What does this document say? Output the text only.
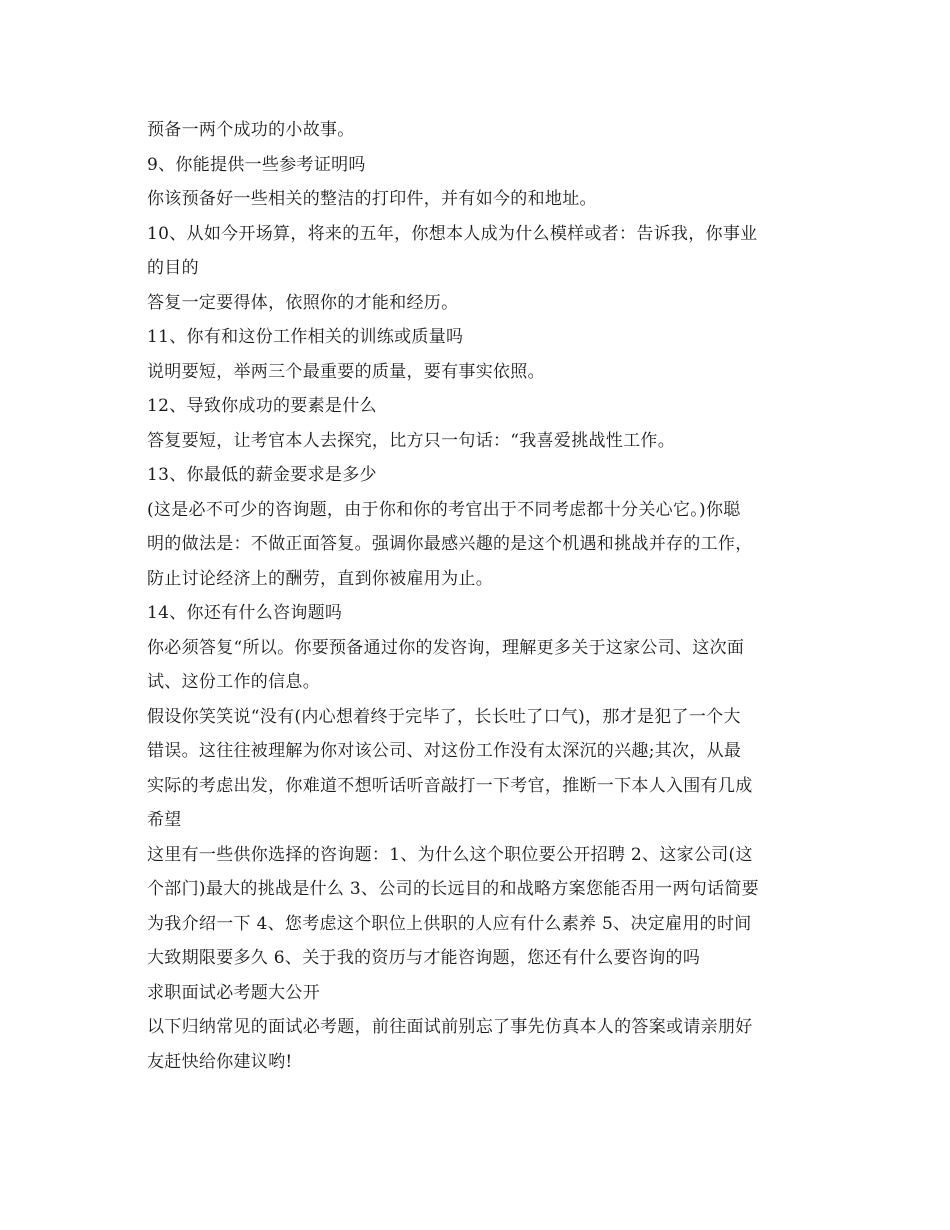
预备一两个成功的小故事。

9、你能提供一些参考证明吗

你该预备好一些相关的整洁的打印件，并有如今的和地址。

10、从如今开场算，将来的五年，你想本人成为什么模样或者：告诉我，你事业

的目的

答复一定要得体，依照你的才能和经历。

11、你有和这份工作相关的训练或质量吗

说明要短，举两三个最重要的质量，要有事实依照。

12、导致你成功的要素是什么

答复要短，让考官本人去探究，比方只一句话：“我喜爱挑战性工作。

13、你最低的薪金要求是多少

(这是必不可少的咨询题，由于你和你的考官出于不同考虑都十分关心它。)你聪

明的做法是：不做正面答复。强调你最感兴趣的是这个机遇和挑战并存的工作，

防止讨论经济上的酬劳，直到你被雇用为止。

14、你还有什么咨询题吗

你必须答复“所以。你要预备通过你的发咨询，理解更多关于这家公司、这次面

试、这份工作的信息。

假设你笑笑说“没有(内心想着终于完毕了，长长吐了口气)，那才是犯了一个大

错误。这往往被理解为你对该公司、对这份工作没有太深沉的兴趣;其次，从最

实际的考虑出发，你难道不想听话听音敲打一下考官，推断一下本人入围有几成

希望

这里有一些供你选择的咨询题：1、为什么这个职位要公开招聘 2、这家公司(这

个部门)最大的挑战是什么 3、公司的长远目的和战略方案您能否用一两句话简要

为我介绍一下 4、您考虑这个职位上供职的人应有什么素养 5、决定雇用的时间

大致期限要多久 6、关于我的资历与才能咨询题，您还有什么要咨询的吗

求职面试必考题大公开

以下归纳常见的面试必考题，前往面试前别忘了事先仿真本人的答案或请亲朋好

友赶快给你建议哟!
